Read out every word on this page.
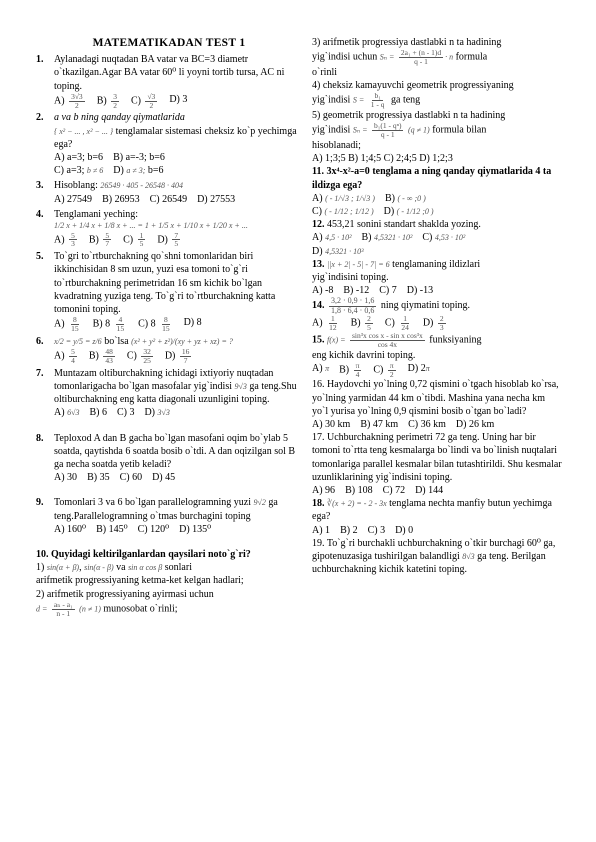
MATEMATIKADAN TEST 1
1.	Aylanadagi nuqtadan BA vatar va BC=3 diametr o`tkazilgan.Agar BA vatar 60⁰ li yoyni tortib tursa, AC ni toping.
$A) \frac{3√3}{2} B) \frac{3}{2} C) \frac{√3}{2} D$) 3
2.	a va b ning qanday qiymatlarida
{ x² − ... , x² − ... } tenglamalar sistemasi cheksiz ko`p yechimga ega?
A) a=3; b=6 B) a=-3; b=6
C) a=3; b ≠ 6 D) a ≠ 3; b=6
3.	Hisoblang: 26549 · 405 - 26548 · 404
A) 27549 B) 26953 C) 26549 D) 27553
4.	Tenglamani yeching:
1/2 x + 1/4 x + 1/8 x + ... = 1 + 1/5 x + 1/10 x + 1/20 x + ...
$A) \frac{5}{3} B) \frac{5}{7} C) \frac{1}{5} D) \frac{7}{5}$
5.	To`gri to`rtburchakning qo`shni tomonlaridan biri ikkinchisidan 8 sm uzun, yuzi esa tomoni to`g`ri to`rtburchakning perimetridan 16 sm kichik bo`lgan kvadratning yuziga teng. To`g`ri to`rtburchakning katta tomonini toping.
$A) \frac{8}{15} B$) $8 \frac{4}{15} C$) $8 \frac{8}{15} D$) 8
6.	x/2 = y/5 = z/6 bo`lsa (x² + y² + z²)/(xy + yz + xz) = ?
$A) \frac{5}{4} B) \frac{48}{43} C) \frac{32}{25} D) \frac{16}{7}$
7.	Muntazam oltiburchakning ichidagi ixtiyoriy nuqtadan tomonlarigacha bo`lgan masofalar yig`indisi 9√3 ga teng.Shu oltiburchakning eng katta diagonali uzunligini toping.
A) 6√3 B) 6 C) 3 D) 3√3
8.	Teploxod A dan B gacha bo`lgan masofani oqim bo`ylab 5 soatda, qaytishda 6 soatda bosib o`tdi. A dan oqizilgan sol B ga necha soatda yetib keladi?
A) 30 B) 35 C) 60 D) 45
9.	Tomonlari 3 va 6 bo`lgan parallelogramning yuzi 9√2 ga teng.Parallelogramning o`tmas burchagini toping
A) 160⁰ B) 145⁰ C) 120⁰ D) 135⁰
10. Quyidagi keltirilganlardan qaysilari noto`g`ri?
1) sin(α + β), sin(α - β) va sin α cos β sonlari
arifmetik progressiyaning ketma-ket kelgan hadlari;
2) arifmetik progressiyaning ayirmasi uchun
$d = \frac{\text{aₙ - a₁}}{n - 1} (n \ne 1)$ munosobat o`rinli;
3) arifmetik progressiya dastlabki n ta hadining
yig`indisi uchun $S_n = \frac{\text{2a₁ + (n - 1)d}}{q - 1} \cdot n$ formula
o`rinli
4) cheksiz kamayuvchi geometrik progressiyaning
yig`indisi $S = \frac{\text{b₁}}{1 - q}$ ga teng
5) geometrik progressiya dastlabki n ta hadining
yig`indisi $S_n = \frac{\text{b₁(1 - qⁿ)}}{q - 1} (q \ne 1)$ formula bilan
hisoblanadi;
A) 1;3;5 B) 1;4;5 C) 2;4;5 D) 1;2;3
11. 3x⁴-x²-a=0 tenglama a ning qanday qiymatlarida 4 ta ildizga ega?
A) ( - 1/√3 ; 1/√3 ) B) ( - ∞ ;0 )
C) ( - 1/12 ; 1/12 ) D) ( - 1/12 ;0 )
12. 453,21 sonini standart shaklda yozing.
A) 4,5 · 10² B) 4,5321 · 10² C) 4,53 · 10²
D) 4,5321 · 10³
13. ||x + 2| - 5| - 7| = 6 tenglamaning ildizlari
yig`indisini toping.
A) -8 B) -12 C) 7 D) -13
14. $\frac{3,2 \cdot 0,9 \cdot 1,6}{1,8 \cdot 6,4 \cdot 0,6}$ ning qiymatini toping.
$A) \frac{1}{12} B) \frac{2}{5} C) \frac{1}{24} D) \frac{2}{3}$
15. $f(x) = \frac{\text{sin³x cos x - sin x cos³x}}{\cos 4x}$ funksiyaning
eng kichik davrini toping.
A) π $B) \frac{\pi}{4} C) \frac{\pi}{2} D$) 2π
16. Haydovchi yo`lning 0,72 qismini o`tgach hisoblab ko`rsa, yo`lning yarmidan 44 km o`tibdi. Mashina yana necha km yo`l yurisa yo`lning 0,9 qismini bosib o`tgan bo`ladi?
A) 30 km B) 47 km C) 36 km D) 26 km
17. Uchburchakning perimetri 72 ga teng. Uning har bir tomoni to`rtta teng kesmalarga bo`lindi va bo`linish nuqtalari tomonlariga parallel kesmalar bilan tutashtirildi. Shu kesmalar uzunliklarining yig`indisini toping.
A) 96 B) 108 C) 72 D) 144
18. ∛(x + 2) = - 2 - 3x tenglama nechta manfiy butun yechimga ega?
A) 1 B) 2 C) 3 D) 0
19. To`g`ri burchakli uchburchakning o`tkir burchagi 60⁰ ga, gipotenuzasiga tushirilgan balandligi 8√3 ga teng. Berilgan uchburchakning kichik katetini toping.
